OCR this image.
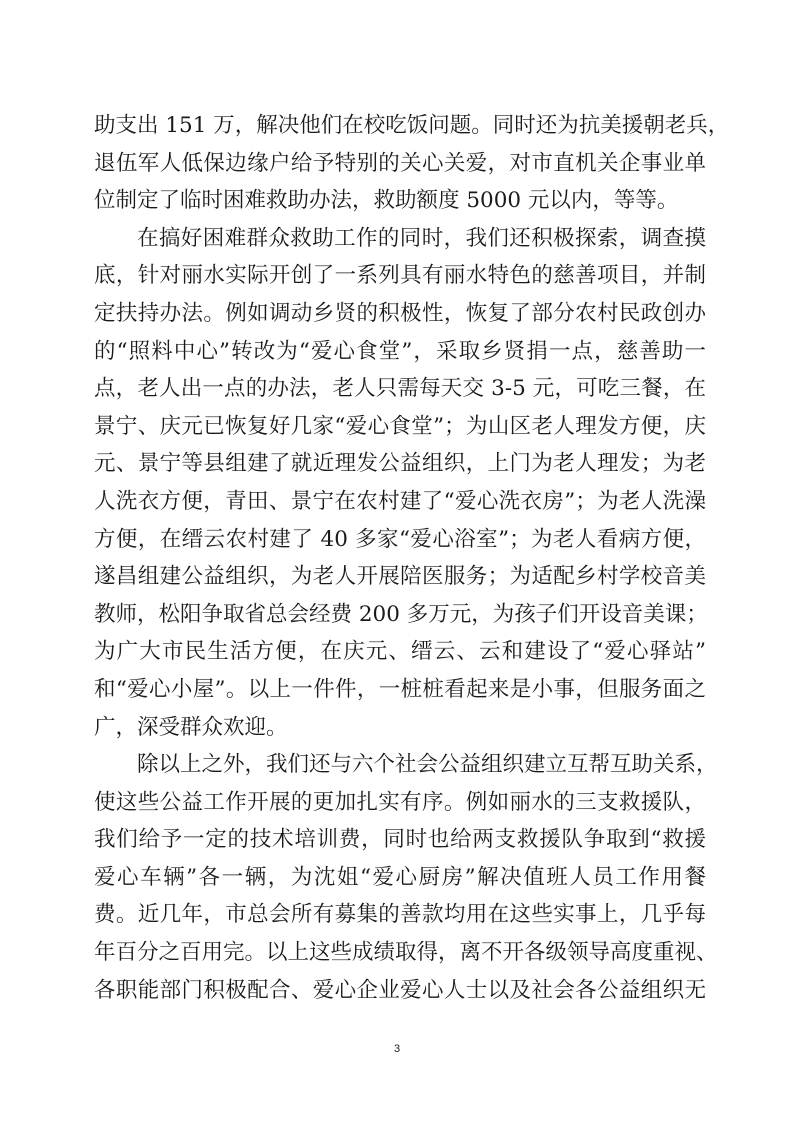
助支出 151 万，解决他们在校吃饭问题。同时还为抗美援朝老兵，
退伍军人低保边缘户给予特别的关心关爱，对市直机关企事业单
位制定了临时困难救助办法，救助额度 5000 元以内，等等。
在搞好困难群众救助工作的同时，我们还积极探索，调查摸
底，针对丽水实际开创了一系列具有丽水特色的慈善项目，并制
定扶持办法。例如调动乡贤的积极性，恢复了部分农村民政创办
的“照料中心”转改为“爱心食堂”，采取乡贤捐一点，慈善助一
点，老人出一点的办法，老人只需每天交 3-5 元，可吃三餐，在
景宁、庆元已恢复好几家“爱心食堂”；为山区老人理发方便，庆
元、景宁等县组建了就近理发公益组织，上门为老人理发；为老
人洗衣方便，青田、景宁在农村建了“爱心洗衣房”；为老人洗澡
方便，在缙云农村建了 40 多家“爱心浴室”；为老人看病方便，
遂昌组建公益组织，为老人开展陪医服务；为适配乡村学校音美
教师，松阳争取省总会经费 200 多万元，为孩子们开设音美课；
为广大市民生活方便，在庆元、缙云、云和建设了“爱心驿站”
和“爱心小屋”。以上一件件，一桩桩看起来是小事，但服务面之
广，深受群众欢迎。
除以上之外，我们还与六个社会公益组织建立互帮互助关系，
使这些公益工作开展的更加扎实有序。例如丽水的三支救援队，
我们给予一定的技术培训费，同时也给两支救援队争取到“救援
爱心车辆”各一辆，为沈姐“爱心厨房”解决值班人员工作用餐
费。近几年，市总会所有募集的善款均用在这些实事上，几乎每
年百分之百用完。以上这些成绩取得，离不开各级领导高度重视、
各职能部门积极配合、爱心企业爱心人士以及社会各公益组织无
3
